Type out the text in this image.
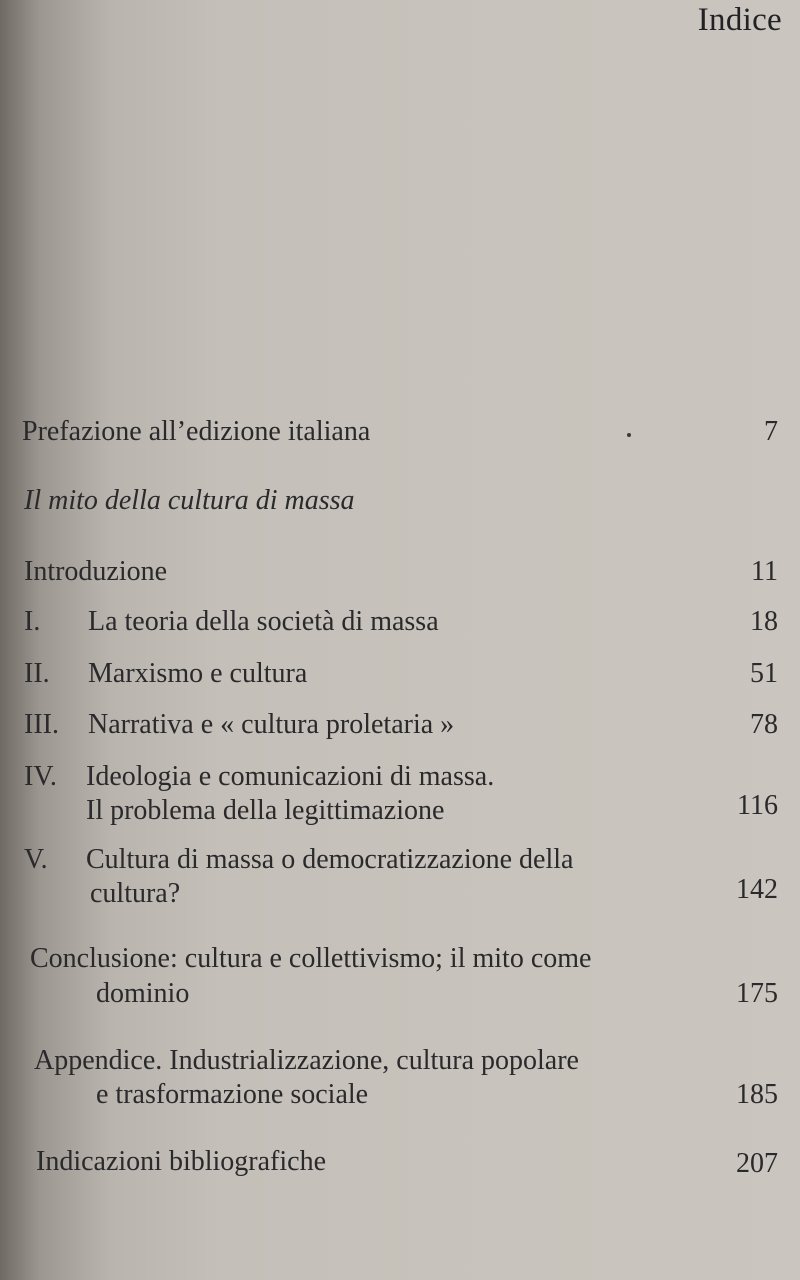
Indice
Prefazione all’edizione italiana	7
Il mito della cultura di massa
Introduzione	11
I. La teoria della società di massa	18
II. Marxismo e cultura	51
III. Narrativa e « cultura proletaria »	78
IV. Ideologia e comunicazioni di massa.
Il problema della legittimazione	116
V. Cultura di massa o democratizzazione della
cultura?	142
Conclusione: cultura e collettivismo; il mito come
dominio	175
Appendice. Industrializzazione, cultura popolare
e trasformazione sociale	185
Indicazioni bibliografiche	207
